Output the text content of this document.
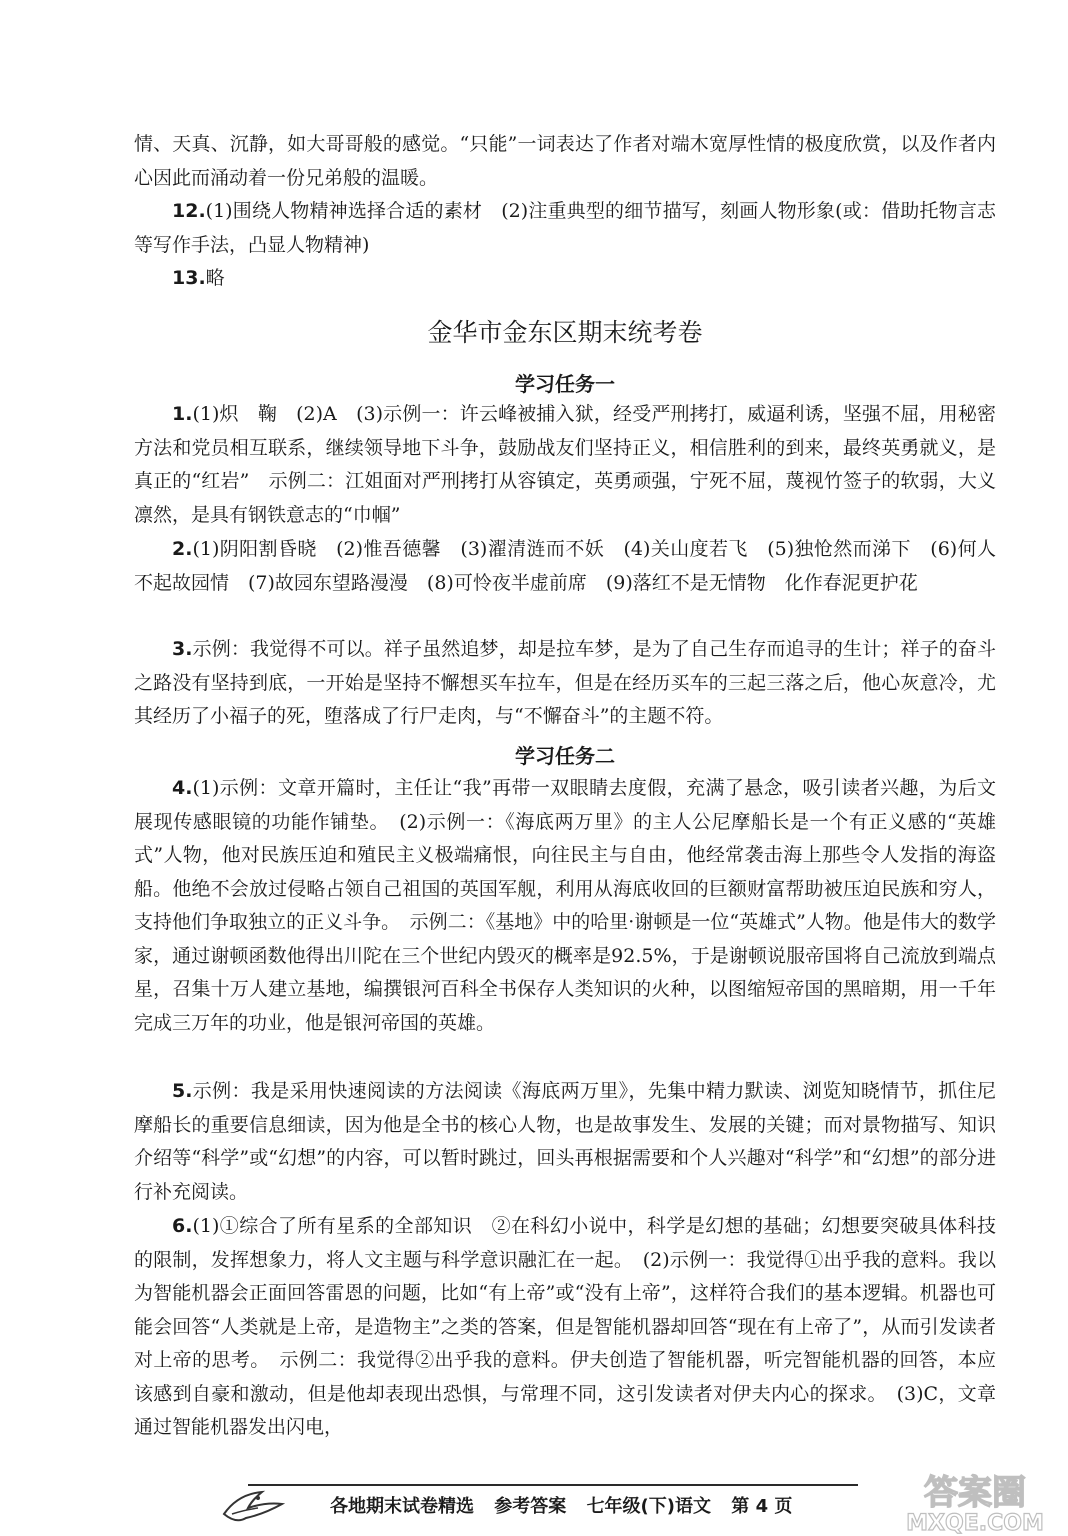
情、天真、沉静，如大哥哥般的感觉。“只能”一词表达了作者对端木宽厚性情的极度欣赏，以及作者内心因此而涌动着一份兄弟般的温暖。

12.(1)围绕人物精神选择合适的素材　(2)注重典型的细节描写，刻画人物形象(或：借助托物言志等写作手法，凸显人物精神)

13.略

金华市金东区期末统考卷
学习任务一

1.(1)炽　鞠　(2)A　(3)示例一：许云峰被捕入狱，经受严刑拷打，威逼利诱，坚强不屈，用秘密方法和党员相互联系，继续领导地下斗争，鼓励战友们坚持正义，相信胜利的到来，最终英勇就义，是真正的“红岩”　示例二：江姐面对严刑拷打从容镇定，英勇顽强，宁死不屈，蔑视竹签子的软弱，大义凛然，是具有钢铁意志的“巾帼”

2.(1)阴阳割昏晓　(2)惟吾德馨　(3)濯清涟而不妖　(4)关山度若飞　(5)独怆然而涕下　(6)何人不起故园情　(7)故园东望路漫漫　(8)可怜夜半虚前席　(9)落红不是无情物　化作春泥更护花

3.示例：我觉得不可以。祥子虽然追梦，却是拉车梦，是为了自己生存而追寻的生计；祥子的奋斗之路没有坚持到底，一开始是坚持不懈想买车拉车，但是在经历买车的三起三落之后，他心灰意冷，尤其经历了小福子的死，堕落成了行尸走肉，与“不懈奋斗”的主题不符。

学习任务二

4.(1)示例：文章开篇时，主任让“我”再带一双眼睛去度假，充满了悬念，吸引读者兴趣，为后文展现传感眼镜的功能作铺垫。　(2)示例一：《海底两万里》的主人公尼摩船长是一个有正义感的“英雄式”人物，他对民族压迫和殖民主义极端痛恨，向往民主与自由，他经常袭击海上那些令人发指的海盗船。他绝不会放过侵略占领自己祖国的英国军舰，利用从海底收回的巨额财富帮助被压迫民族和穷人，支持他们争取独立的正义斗争。　示例二：《基地》中的哈里·谢顿是一位“英雄式”人物。他是伟大的数学家，通过谢顿函数他得出川陀在三个世纪内毁灭的概率是92.5%，于是谢顿说服帝国将自己流放到端点星，召集十万人建立基地，编撰银河百科全书保存人类知识的火种，以图缩短帝国的黑暗期，用一千年完成三万年的功业，他是银河帝国的英雄。

5.示例：我是采用快速阅读的方法阅读《海底两万里》，先集中精力默读、浏览知晓情节，抓住尼摩船长的重要信息细读，因为他是全书的核心人物，也是故事发生、发展的关键；而对景物描写、知识介绍等“科学”或“幻想”的内容，可以暂时跳过，回头再根据需要和个人兴趣对“科学”和“幻想”的部分进行补充阅读。

6.(1)①综合了所有星系的全部知识　②在科幻小说中，科学是幻想的基础；幻想要突破具体科技的限制，发挥想象力，将人文主题与科学意识融汇在一起。　(2)示例一：我觉得①出乎我的意料。我以为智能机器会正面回答雷恩的问题，比如“有上帝”或“没有上帝”，这样符合我们的基本逻辑。机器也可能会回答“人类就是上帝，是造物主”之类的答案，但是智能机器却回答“现在有上帝了”，从而引发读者对上帝的思考。　示例二：我觉得②出乎我的意料。伊夫创造了智能机器，听完智能机器的回答，本应该感到自豪和激动，但是他却表现出恐惧，与常理不同，这引发读者对伊夫内心的探求。　(3)C，文章通过智能机器发出闪电，

各地期末试卷精选 参考答案 七年级(下)语文 第 4 页	答案圈
MXQE.COM
